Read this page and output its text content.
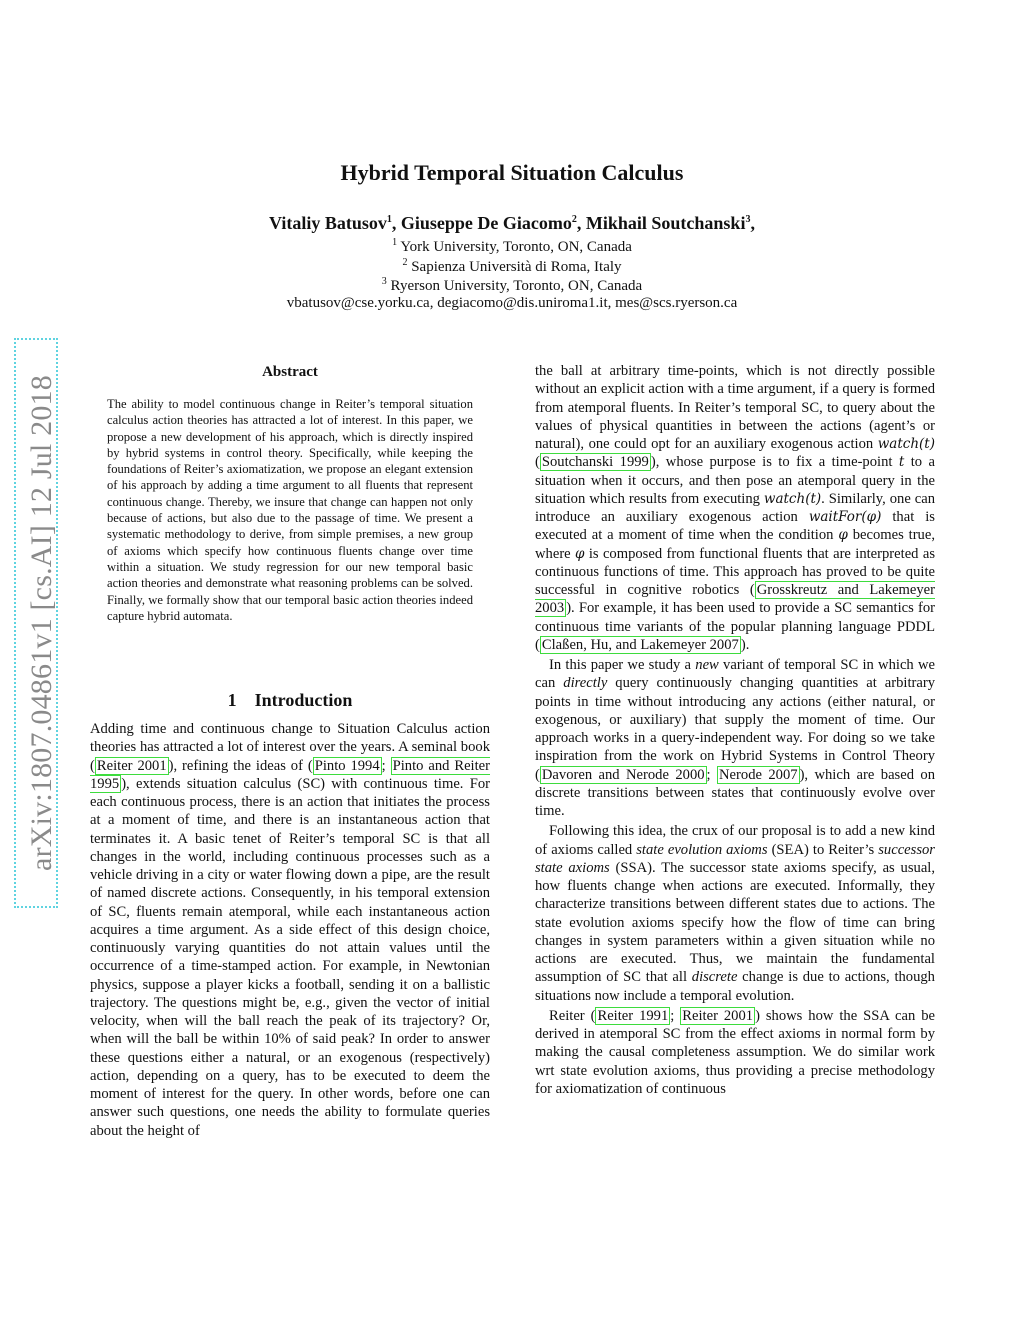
arXiv:1807.04861v1 [cs.AI] 12 Jul 2018
Hybrid Temporal Situation Calculus
Vitaliy Batusov$^1$, Giuseppe De Giacomo$^2$, Mikhail Soutchanski$^3$,
$^1$ York University, Toronto, ON, Canada
$^2$ Sapienza Università di Roma, Italy
$^3$ Ryerson University, Toronto, ON, Canada
vbatusov@cse.yorku.ca, degiacomo@dis.uniroma1.it, mes@scs.ryerson.ca
Abstract
The ability to model continuous change in Reiter’s temporal situation calculus action theories has attracted a lot of interest. In this paper, we propose a new development of his approach, which is directly inspired by hybrid systems in control theory. Specifically, while keeping the foundations of Reiter’s axiomatization, we propose an elegant extension of his approach by adding a time argument to all fluents that represent continuous change. Thereby, we insure that change can happen not only because of actions, but also due to the passage of time. We present a systematic methodology to derive, from simple premises, a new group of axioms which specify how continuous fluents change over time within a situation. We study regression for our new temporal basic action theories and demonstrate what reasoning problems can be solved. Finally, we formally show that our temporal basic action theories indeed capture hybrid automata.
1 Introduction

Adding time and continuous change to Situation Calculus action theories has attracted a lot of interest over the years. A seminal book ( Reiter 2001 ), refining the ideas of ( Pinto 1994 ; Pinto and Reiter 1995 ), extends situation calculus (SC) with continuous time. For each continuous process, there is an action that initiates the process at a moment of time, and there is an instantaneous action that terminates it. A basic tenet of Reiter’s temporal SC is that all changes in the world, including continuous processes such as a vehicle driving in a city or water flowing down a pipe, are the result of named discrete actions. Consequently, in his temporal extension of SC, fluents remain atemporal, while each instantaneous action acquires a time argument. As a side effect of this design choice, continuously varying quantities do not attain values until the occurrence of a time-stamped action. For example, in Newtonian physics, suppose a player kicks a football, sending it on a ballistic trajectory. The questions might be, e.g., given the vector of initial velocity, when will the ball reach the peak of its trajectory? Or, when will the ball be within 10% of said peak? In order to answer these questions either a natural, or an exogenous (respectively) action, depending on a query, has to be executed to deem the moment of interest for the query. In other words, before one can answer such questions, one needs the ability to formulate queries about the height of

the ball at arbitrary time-points, which is not directly possible without an explicit action with a time argument, if a query is formed from atemporal fluents. In Reiter’s temporal SC, to query about the values of physical quantities in between the actions (agent’s or natural), one could opt for an auxiliary exogenous action watch(t) ( Soutchanski 1999 ), whose purpose is to fix a time-point t to a situation when it occurs, and then pose an atemporal query in the situation which results from executing watch(t). Similarly, one can introduce an auxiliary exogenous action waitFor(φ) that is executed at a moment of time when the condition φ becomes true, where φ is composed from functional fluents that are interpreted as continuous functions of time. This approach has proved to be quite successful in cognitive robotics ( Grosskreutz and Lakemeyer 2003 ). For example, it has been used to provide a SC semantics for continuous time variants of the popular planning language PDDL ( Claßen, Hu, and Lakemeyer 2007 ).

In this paper we study a new variant of temporal SC in which we can directly query continuously changing quantities at arbitrary points in time without introducing any actions (either natural, or exogenous, or auxiliary) that supply the moment of time. Our approach works in a query-independent way. For doing so we take inspiration from the work on Hybrid Systems in Control Theory ( Davoren and Nerode 2000 ; Nerode 2007 ), which are based on discrete transitions between states that continuously evolve over time.

Following this idea, the crux of our proposal is to add a new kind of axioms called state evolution axioms (SEA) to Reiter’s successor state axioms (SSA). The successor state axioms specify, as usual, how fluents change when actions are executed. Informally, they characterize transitions between different states due to actions. The state evolution axioms specify how the flow of time can bring changes in system parameters within a given situation while no actions are executed. Thus, we maintain the fundamental assumption of SC that all discrete change is due to actions, though situations now include a temporal evolution.

Reiter ( Reiter 1991 ; Reiter 2001 ) shows how the SSA can be derived in atemporal SC from the effect axioms in normal form by making the causal completeness assumption. We do similar work wrt state evolution axioms, thus providing a precise methodology for axiomatization of continuous
